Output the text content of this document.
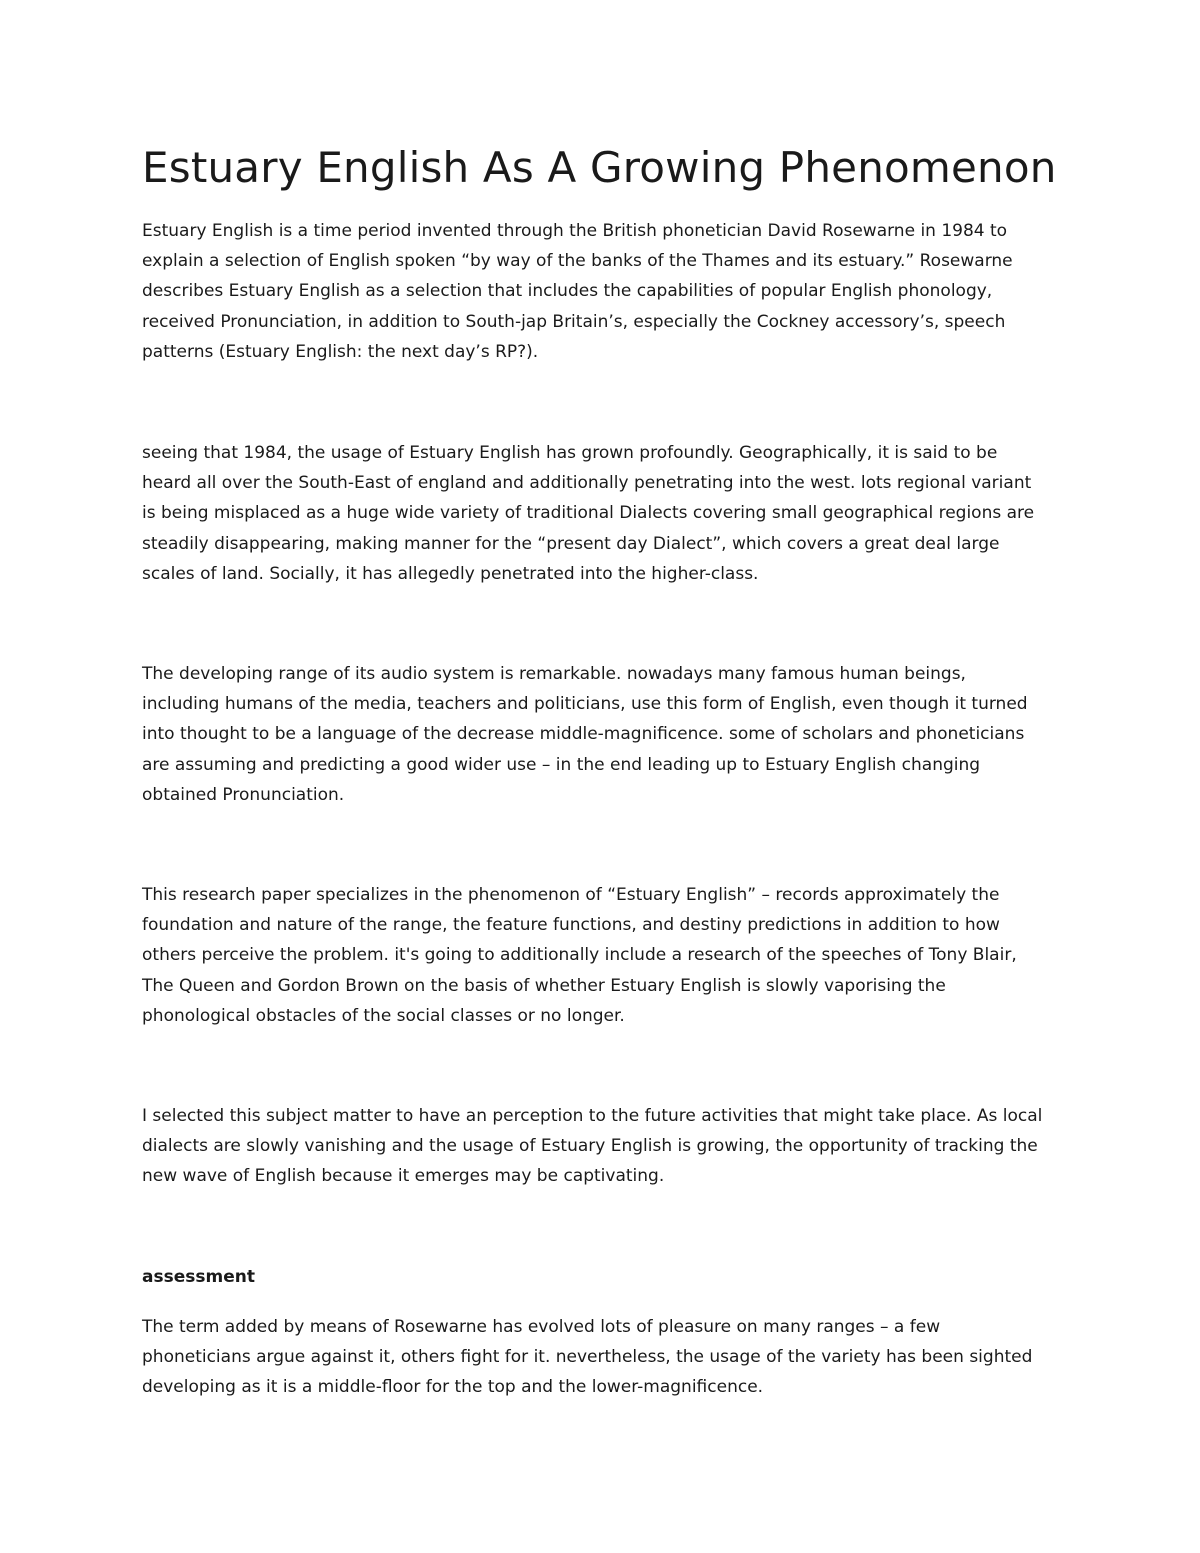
Estuary English As A Growing Phenomenon

Estuary English is a time period invented through the British phonetician David Rosewarne in 1984 to
explain a selection of English spoken “by way of the banks of the Thames and its estuary.” Rosewarne
describes Estuary English as a selection that includes the capabilities of popular English phonology,
received Pronunciation, in addition to South-jap Britain’s, especially the Cockney accessory’s, speech
patterns (Estuary English: the next day’s RP?).

seeing that 1984, the usage of Estuary English has grown profoundly. Geographically, it is said to be
heard all over the South-East of england and additionally penetrating into the west. lots regional variant
is being misplaced as a huge wide variety of traditional Dialects covering small geographical regions are
steadily disappearing, making manner for the “present day Dialect”, which covers a great deal large
scales of land. Socially, it has allegedly penetrated into the higher-class.

The developing range of its audio system is remarkable. nowadays many famous human beings,
including humans of the media, teachers and politicians, use this form of English, even though it turned
into thought to be a language of the decrease middle-magnificence. some of scholars and phoneticians
are assuming and predicting a good wider use – in the end leading up to Estuary English changing
obtained Pronunciation.

This research paper specializes in the phenomenon of “Estuary English” – records approximately the
foundation and nature of the range, the feature functions, and destiny predictions in addition to how
others perceive the problem. it's going to additionally include a research of the speeches of Tony Blair,
The Queen and Gordon Brown on the basis of whether Estuary English is slowly vaporising the
phonological obstacles of the social classes or no longer.

I selected this subject matter to have an perception to the future activities that might take place. As local
dialects are slowly vanishing and the usage of Estuary English is growing, the opportunity of tracking the
new wave of English because it emerges may be captivating.

assessment

The term added by means of Rosewarne has evolved lots of pleasure on many ranges – a few
phoneticians argue against it, others fight for it. nevertheless, the usage of the variety has been sighted
developing as it is a middle-floor for the top and the lower-magnificence.
